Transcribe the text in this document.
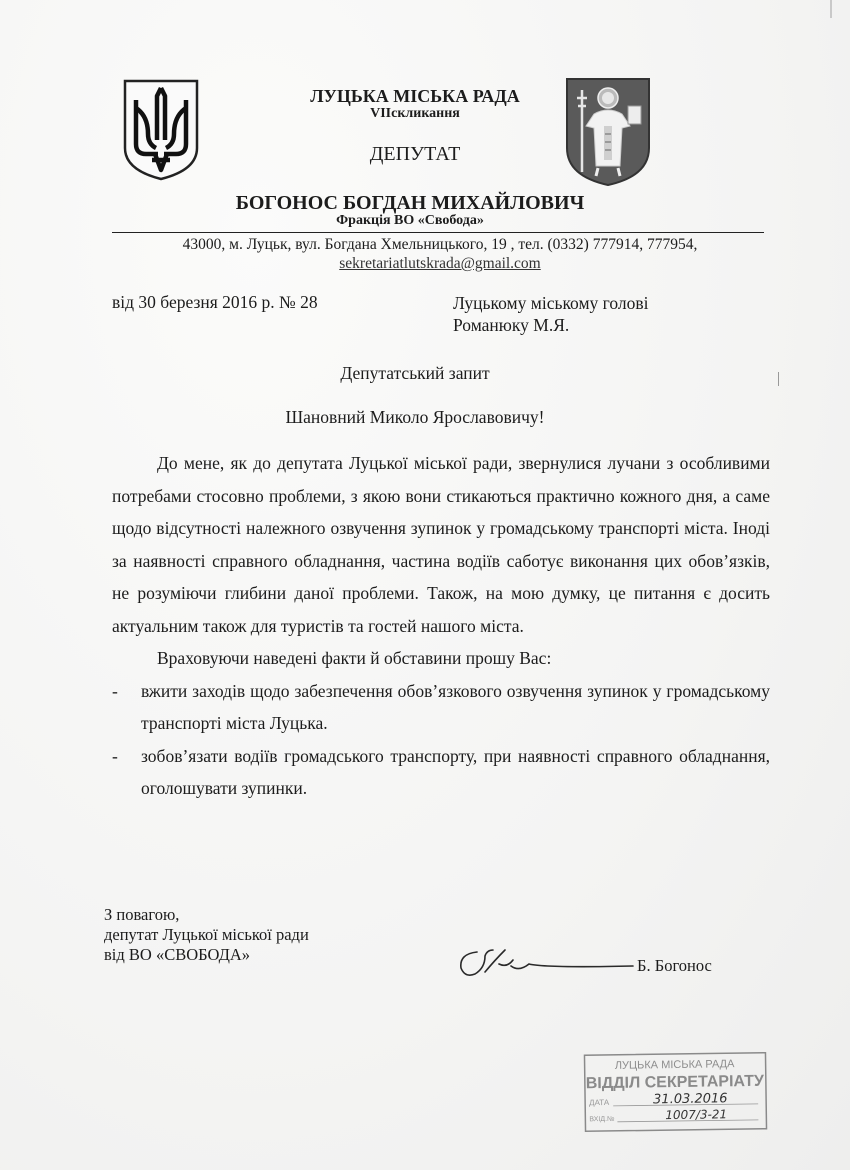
ЛУЦЬКА МІСЬКА РАДА
VIIскликання
ДЕПУТАТ
БОГОНОС БОГДАН МИХАЙЛОВИЧ
Фракція ВО «Свобода»
43000, м. Луцьк, вул. Богдана Хмельницького, 19 , тел. (0332) 777914, 777954,
sekretariatlutskrada@gmail.com
від 30 березня 2016 р. № 28	Луцькому міському голові
Романюку М.Я.
Депутатський запит
Шановний Миколо Ярославовичу!

До мене, як до депутата Луцької міської ради, звернулися лучани з особливими потребами стосовно проблеми, з якою вони стикаються практично кожного дня, а саме щодо відсутності належного озвучення зупинок у громадському транспорті міста. Іноді за наявності справного обладнання, частина водіїв саботує виконання цих обов’язків, не розуміючи глибини даної проблеми. Також, на мою думку, це питання є досить актуальним також для туристів та гостей нашого міста.

Враховуючи наведені факти й обставини прошу Вас:

- вжити заходів щодо забезпечення обов’язкового озвучення зупинок у громадському транспорті міста Луцька.
- зобов’язати водіїв громадського транспорту, при наявності справного обладнання, оголошувати зупинки.
З повагою,
депутат Луцької міської ради
від ВО «СВОБОДА»
Б. Богонос
ЛУЦЬКА МІСЬКА РАДА
ВІДДІЛ СЕКРЕТАРІАТУ
ДАТА	31.03.2016
ВХІД.№	1007/3-21
